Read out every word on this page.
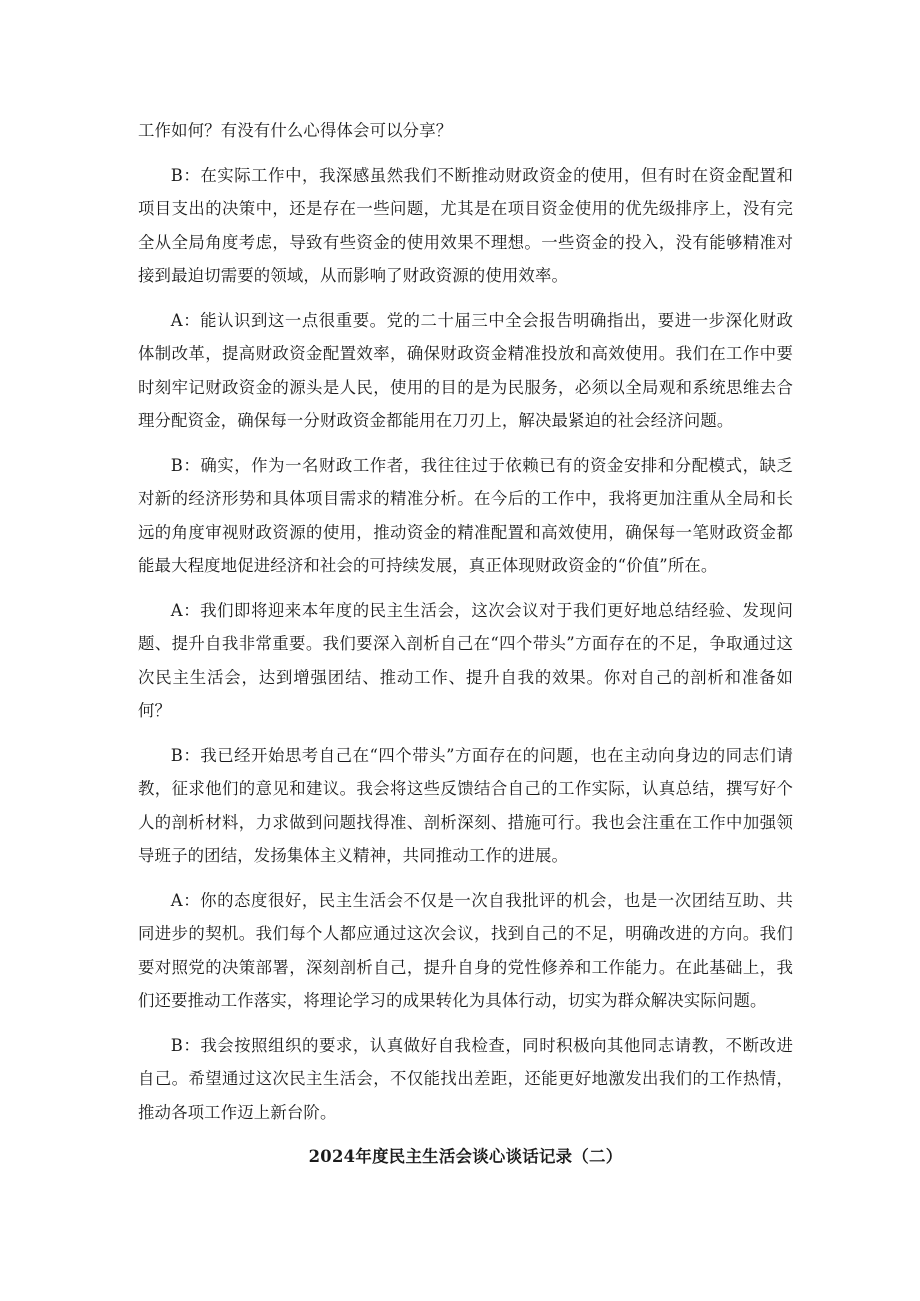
工作如何？有没有什么心得体会可以分享？

B：在实际工作中，我深感虽然我们不断推动财政资金的使用，但有时在资金配置和项目支出的决策中，还是存在一些问题，尤其是在项目资金使用的优先级排序上，没有完全从全局角度考虑，导致有些资金的使用效果不理想。一些资金的投入，没有能够精准对接到最迫切需要的领域，从而影响了财政资源的使用效率。

A：能认识到这一点很重要。党的二十届三中全会报告明确指出，要进一步深化财政体制改革，提高财政资金配置效率，确保财政资金精准投放和高效使用。我们在工作中要时刻牢记财政资金的源头是人民，使用的目的是为民服务，必须以全局观和系统思维去合理分配资金，确保每一分财政资金都能用在刀刃上，解决最紧迫的社会经济问题。

B：确实，作为一名财政工作者，我往往过于依赖已有的资金安排和分配模式，缺乏对新的经济形势和具体项目需求的精准分析。在今后的工作中，我将更加注重从全局和长远的角度审视财政资源的使用，推动资金的精准配置和高效使用，确保每一笔财政资金都能最大程度地促进经济和社会的可持续发展，真正体现财政资金的“价值”所在。

A：我们即将迎来本年度的民主生活会，这次会议对于我们更好地总结经验、发现问题、提升自我非常重要。我们要深入剖析自己在“四个带头”方面存在的不足，争取通过这次民主生活会，达到增强团结、推动工作、提升自我的效果。你对自己的剖析和准备如何？

B：我已经开始思考自己在“四个带头”方面存在的问题，也在主动向身边的同志们请教，征求他们的意见和建议。我会将这些反馈结合自己的工作实际，认真总结，撰写好个人的剖析材料，力求做到问题找得准、剖析深刻、措施可行。我也会注重在工作中加强领导班子的团结，发扬集体主义精神，共同推动工作的进展。

A：你的态度很好，民主生活会不仅是一次自我批评的机会，也是一次团结互助、共同进步的契机。我们每个人都应通过这次会议，找到自己的不足，明确改进的方向。我们要对照党的决策部署，深刻剖析自己，提升自身的党性修养和工作能力。在此基础上，我们还要推动工作落实，将理论学习的成果转化为具体行动，切实为群众解决实际问题。

B：我会按照组织的要求，认真做好自我检查，同时积极向其他同志请教，不断改进自己。希望通过这次民主生活会，不仅能找出差距，还能更好地激发出我们的工作热情，推动各项工作迈上新台阶。

2024年度民主生活会谈心谈话记录（二）
